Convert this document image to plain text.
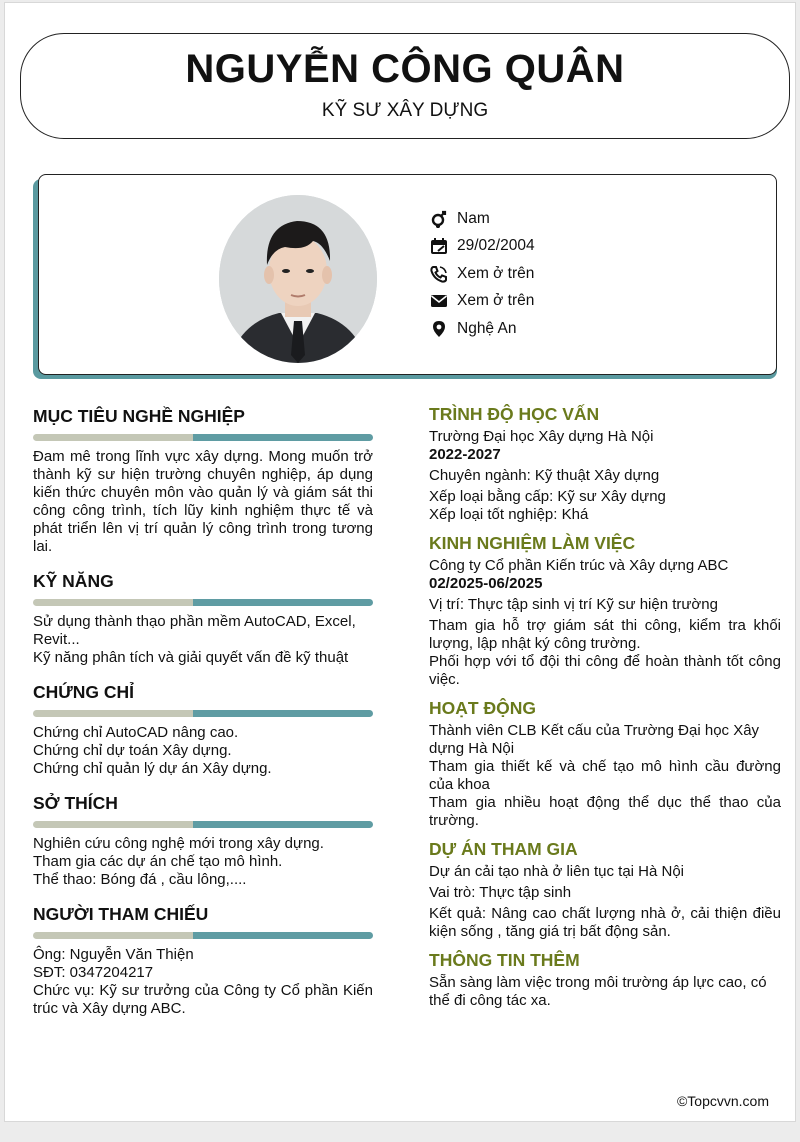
NGUYỄN CÔNG QUÂN
KỸ SƯ XÂY DỰNG
Nam
29/02/2004
Xem ở trên
Xem ở trên
Nghệ An
MỤC TIÊU NGHỀ NGHIỆP
Đam mê trong lĩnh vực xây dựng. Mong muốn trở thành kỹ sư hiện trường chuyên nghiệp, áp dụng kiến thức chuyên môn vào quản lý và giám sát thi công công trình, tích lũy kinh nghiệm thực tế và phát triển lên vị trí quản lý công trình trong tương lai.
KỸ NĂNG
Sử dụng thành thạo phần mềm AutoCAD, Excel, Revit...
Kỹ năng phân tích và giải quyết vấn đề kỹ thuật
CHỨNG CHỈ
Chứng chỉ AutoCAD nâng cao.
Chứng chỉ dự toán Xây dựng.
Chứng chỉ quản lý dự án Xây dựng.
SỞ THÍCH
Nghiên cứu công nghệ mới trong xây dựng.
Tham gia các dự án chế tạo mô hình.
Thể thao: Bóng đá , cầu lông,....
NGƯỜI THAM CHIẾU
Ông: Nguyễn Văn Thiện
SĐT: 0347204217
Chức vụ: Kỹ sư trưởng của Công ty Cổ phần Kiến trúc và Xây dựng ABC.
TRÌNH ĐỘ HỌC VẤN
Trường Đại học Xây dựng Hà Nội
2022-2027
Chuyên ngành: Kỹ thuật Xây dựng
Xếp loại bằng cấp: Kỹ sư Xây dựng
Xếp loại tốt nghiệp: Khá
KINH NGHIỆM LÀM VIỆC
Công ty Cổ phần Kiến trúc và Xây dựng ABC
02/2025-06/2025
Vị trí: Thực tập sinh vị trí Kỹ sư hiện trường
Tham gia hỗ trợ giám sát thi công, kiểm tra khối lượng, lập nhật ký công trường.
Phối hợp với tổ đội thi công để hoàn thành tốt công việc.
HOẠT ĐỘNG
Thành viên CLB Kết cấu của Trường Đại học Xây dựng Hà Nội
Tham gia thiết kế và chế tạo mô hình cầu đường của khoa
Tham gia nhiều hoạt động thể dục thể thao của trường.
DỰ ÁN THAM GIA
Dự án cải tạo nhà ở liên tục tại Hà Nội
Vai trò: Thực tập sinh
Kết quả: Nâng cao chất lượng nhà ở, cải thiện điều kiện sống , tăng giá trị bất động sản.
THÔNG TIN THÊM
Sẵn sàng làm việc trong môi trường áp lực cao, có thể đi công tác xa.
©Topcvvn.com
